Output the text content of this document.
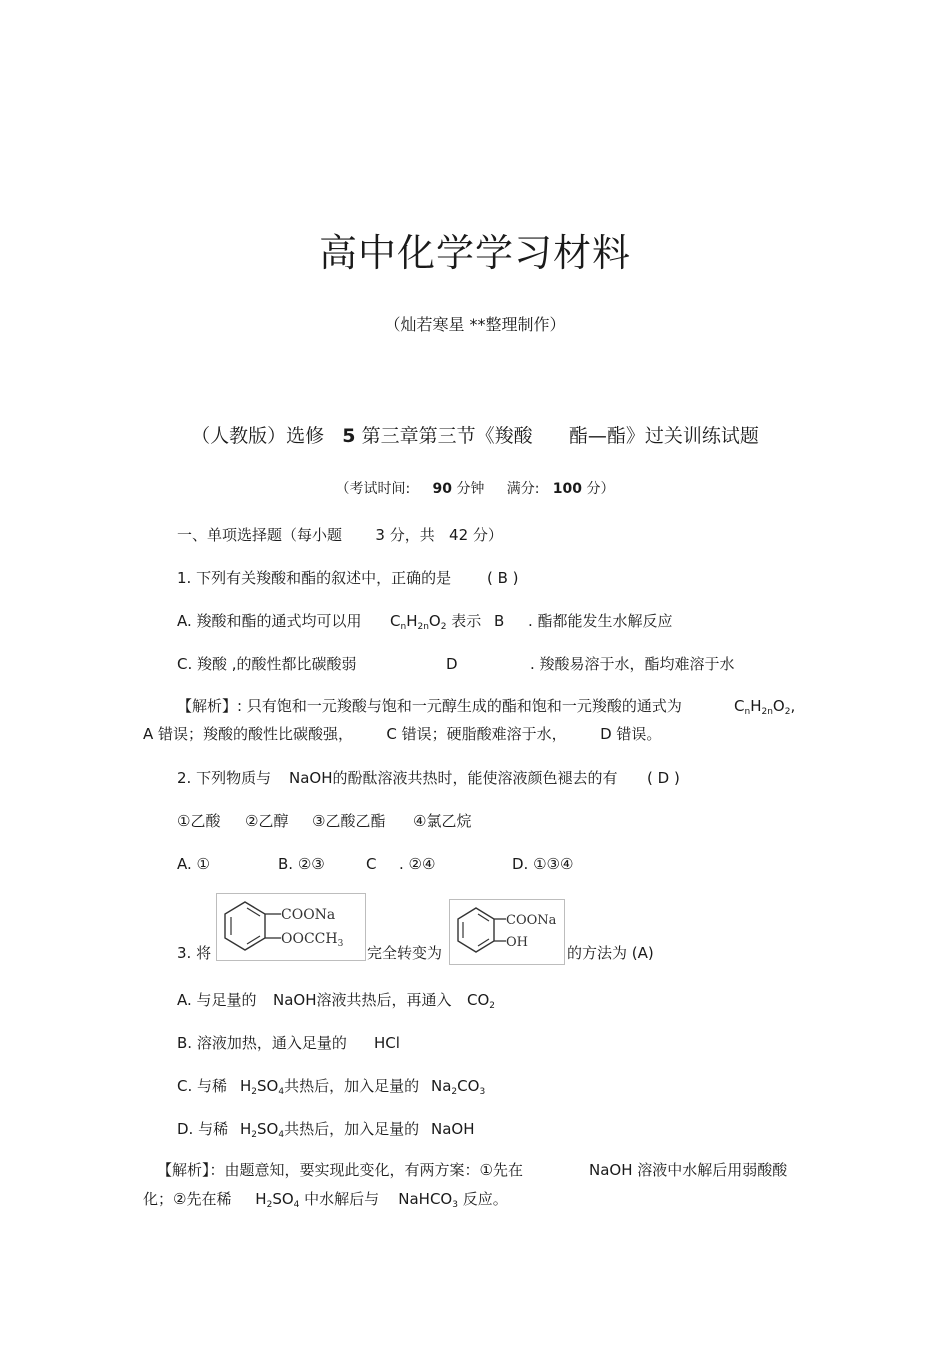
高中化学学习材料
（灿若寒星 **整理制作）
（人教版）选修 5 第三章第三节《羧酸 酯—酯》过关训练试题
（考试时间: 90 分钟 满分: 100 分）
一、单项选择题（每小题 3 分，共 42 分）
1. 下列有关羧酸和酯的叙述中，正确的是 ( B )
A. 羧酸和酯的通式均可以用 $C_nH_{2n}O_2$ 表示 B . 酯都能发生水解反应
C. 羧酸 ,的酸性都比碳酸弱	D	. 羧酸易溶于水，酯均难溶于水
【解析】: 只有饱和一元羧酸与饱和一元醇生成的酯和饱和一元羧酸的通式为	$C_nH_{2n}O_2$,
A 错误；羧酸的酸性比碳酸强， C 错误；硬脂酸难溶于水， D 错误。
2. 下列物质与 NaOH的酚酞溶液共热时，能使溶液颜色褪去的有 ( D )
①乙酸 ②乙醇 ③乙酸乙酯 ④氯乙烷
A. ①	B. ②③	C . ②④	D. ①③④
3. 将	完全转变为	的方法为 (A)
COONa
$OOCCH_3$
COONa
OH
A. 与足量的 NaOH溶液共热后，再通入 $CO_2$
B. 溶液加热，通入足量的 HCl
C. 与稀 $H_2SO_4$共热后，加入足量的 $Na_2CO_3$
D. 与稀 $H_2SO_4$共热后，加入足量的 NaOH
【解析】：由题意知，要实现此变化，有两方案：①先在	NaOH 溶液中水解后用弱酸酸
化；②先在稀 $H_2SO_4$ 中水解后与 NaHCO$_3$ 反应。
